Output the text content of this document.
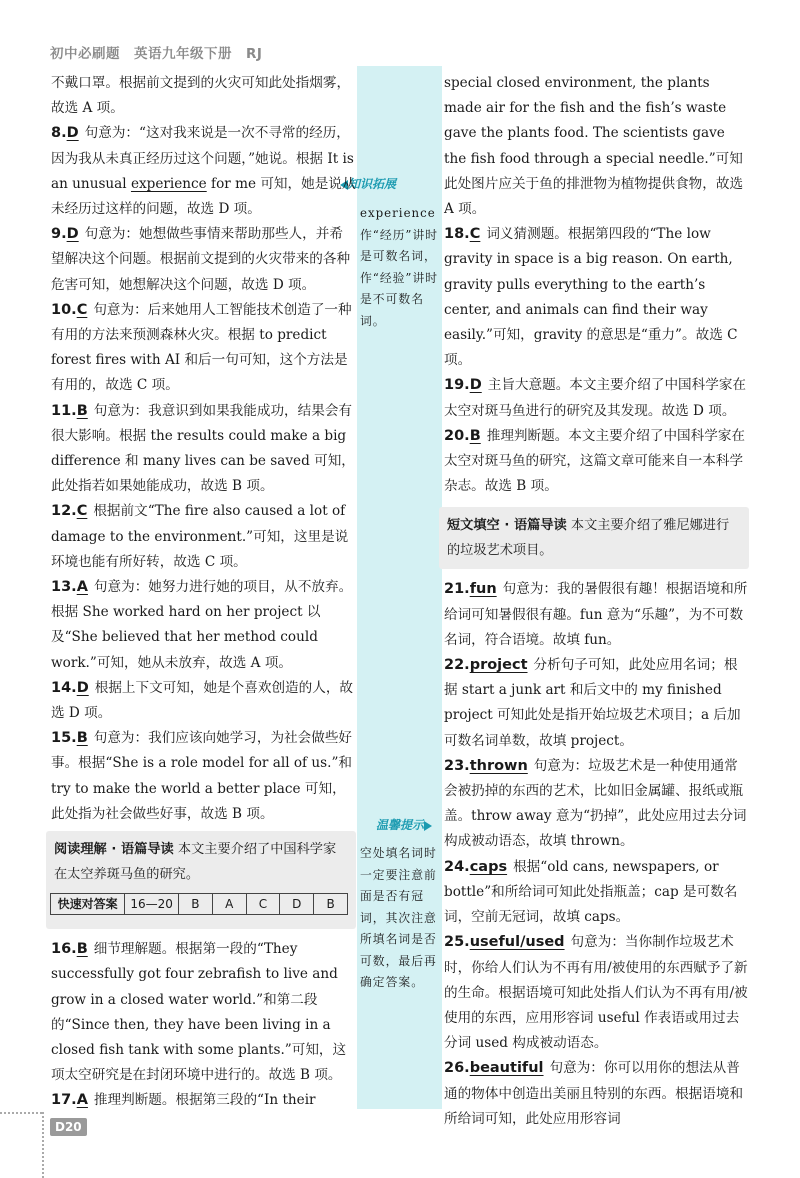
初中必刷题　英语九年级下册　RJ
知识拓展
experience 作“经历”讲时是可数名词，作“经验”讲时是不可数名词。
温馨提示
空处填名词时一定要注意前面是否有冠词，其次注意所填名词是否可数，最后再确定答案。

不戴口罩。根据前文提到的火灾可知此处指烟雾，故选 A 项。

8.D 句意为：“这对我来说是一次不寻常的经历，因为我从未真正经历过这个问题，”她说。根据 It is an unusual experience for me 可知，她是说从未经历过这样的问题，故选 D 项。

9.D 句意为：她想做些事情来帮助那些人，并希望解决这个问题。根据前文提到的火灾带来的各种危害可知，她想解决这个问题，故选 D 项。

10.C 句意为：后来她用人工智能技术创造了一种有用的方法来预测森林火灾。根据 to predict forest fires with AI 和后一句可知，这个方法是有用的，故选 C 项。

11.B 句意为：我意识到如果我能成功，结果会有很大影响。根据 the results could make a big difference 和 many lives can be saved 可知，此处指若如果她能成功，故选 B 项。

12.C 根据前文“The fire also caused a lot of damage to the environment.”可知，这里是说环境也能有所好转，故选 C 项。

13.A 句意为：她努力进行她的项目，从不放弃。根据 She worked hard on her project 以及“She believed that her method could work.”可知，她从未放弃，故选 A 项。

14.D 根据上下文可知，她是个喜欢创造的人，故选 D 项。

15.B 句意为：我们应该向她学习，为社会做些好事。根据“She is a role model for all of us.”和 try to make the world a better place 可知，此处指为社会做些好事，故选 B 项。

阅读理解 · 语篇导读 本文主要介绍了中国科学家在太空养斑马鱼的研究。
快速对答案	16—20	B	A	C	D	B

16.B 细节理解题。根据第一段的“They successfully got four zebrafish to live and grow in a closed water world.”和第二段的“Since then, they have been living in a closed fish tank with some plants.”可知，这项太空研究是在封闭环境中进行的。故选 B 项。

17.A 推理判断题。根据第三段的“In their

special closed environment, the plants made air for the fish and the fish’s waste gave the plants food. The scientists gave the fish food through a special needle.”可知此处图片应关于鱼的排泄物为植物提供食物，故选 A 项。

18.C 词义猜测题。根据第四段的“The low gravity in space is a big reason. On earth, gravity pulls everything to the earth’s center, and animals can find their way easily.”可知，gravity 的意思是“重力”。故选 C 项。

19.D 主旨大意题。本文主要介绍了中国科学家在太空对斑马鱼进行的研究及其发现。故选 D 项。

20.B 推理判断题。本文主要介绍了中国科学家在太空对斑马鱼的研究，这篇文章可能来自一本科学杂志。故选 B 项。

短文填空 · 语篇导读 本文主要介绍了雅尼娜进行的垃圾艺术项目。

21.fun 句意为：我的暑假很有趣！根据语境和所给词可知暑假很有趣。fun 意为“乐趣”，为不可数名词，符合语境。故填 fun。

22.project 分析句子可知，此处应用名词；根据 start a junk art 和后文中的 my finished project 可知此处是指开始垃圾艺术项目；a 后加可数名词单数，故填 project。

23.thrown 句意为：垃圾艺术是一种使用通常会被扔掉的东西的艺术，比如旧金属罐、报纸或瓶盖。throw away 意为“扔掉”，此处应用过去分词构成被动语态，故填 thrown。

24.caps 根据“old cans, newspapers, or bottle”和所给词可知此处指瓶盖；cap 是可数名词，空前无冠词，故填 caps。

25.useful/used 句意为：当你制作垃圾艺术时，你给人们认为不再有用/被使用的东西赋予了新的生命。根据语境可知此处指人们认为不再有用/被使用的东西，应用形容词 useful 作表语或用过去分词 used 构成被动语态。

26.beautiful 句意为：你可以用你的想法从普通的物体中创造出美丽且特别的东西。根据语境和所给词可知，此处应用形容词

D20
